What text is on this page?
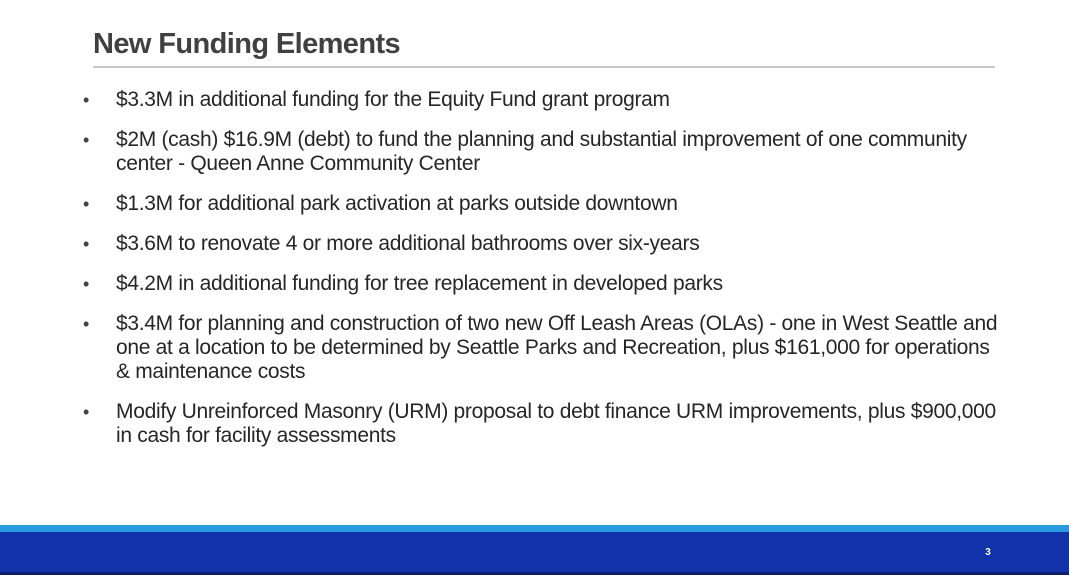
New Funding Elements
•	$3.3M in additional funding for the Equity Fund grant program
•	$2M (cash) $16.9M (debt) to fund the planning and substantial improvement of one community center - Queen Anne Community Center
•	$1.3M for additional park activation at parks outside downtown
•	$3.6M to renovate 4 or more additional bathrooms over six-years
•	$4.2M in additional funding for tree replacement in developed parks
•	$3.4M for planning and construction of two new Off Leash Areas (OLAs) - one in West Seattle and one at a location to be determined by Seattle Parks and Recreation, plus $161,000 for operations & maintenance costs
•	Modify Unreinforced Masonry (URM) proposal to debt finance URM improvements, plus $900,000 in cash for facility assessments
3
